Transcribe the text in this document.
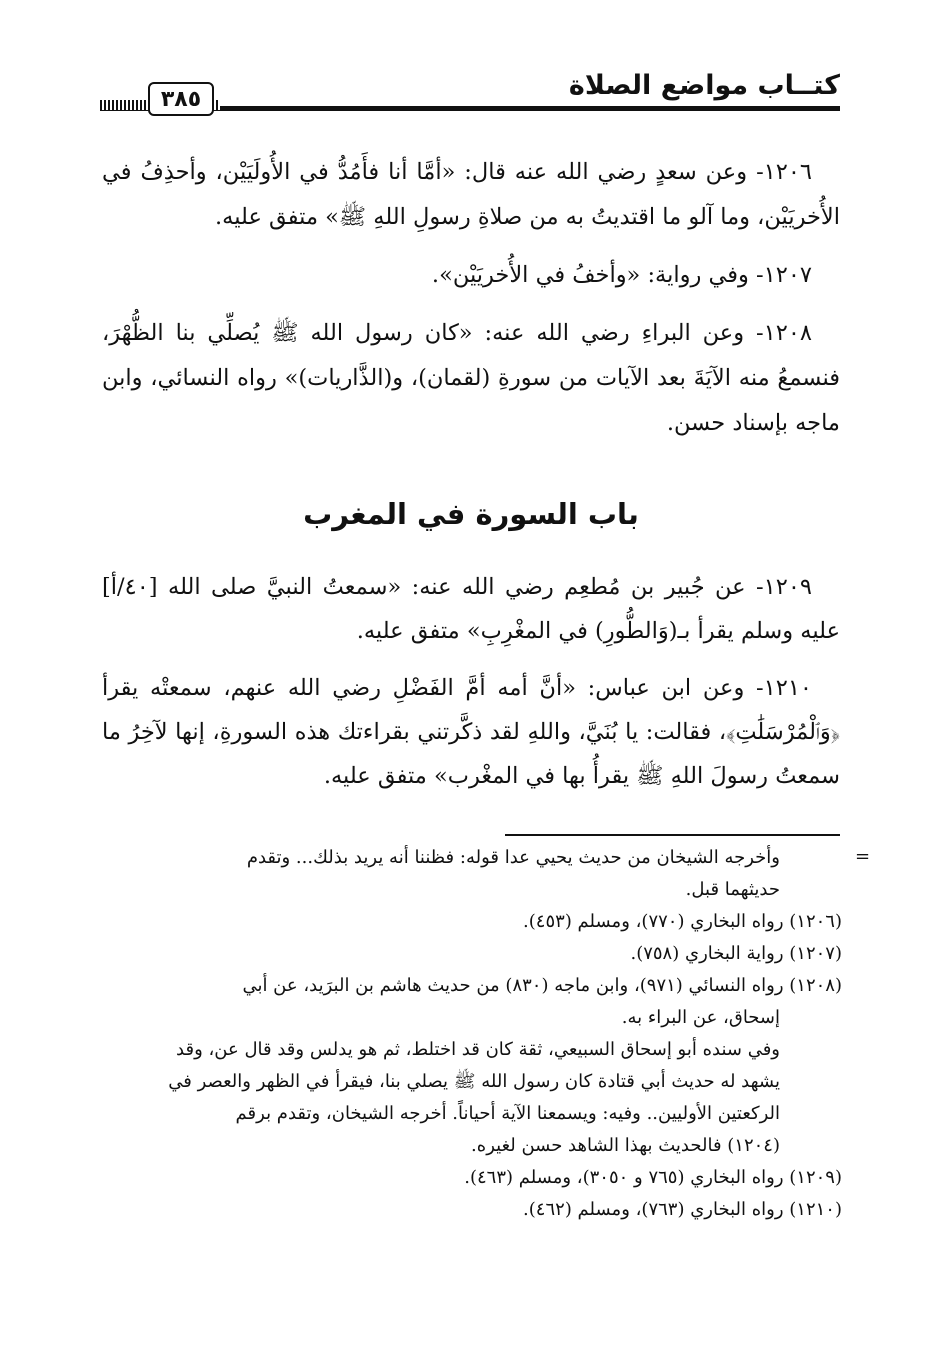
كتــاب مواضع الصلاة
٣٨٥

١٢٠٦- وعن سعدٍ رضي الله عنه قال: «أمَّا أنا فأَمُدُّ في الأُولَيَيْن، وأحذِفُ في الأُخريَيْن، وما آلو ما اقتديتُ به من صلاةِ رسولِ اللهِ ﷺ» متفق عليه.

١٢٠٧- وفي رواية: «وأخفُ في الأُخريَيْن».

١٢٠٨- وعن البراءِ رضي الله عنه: «كان رسول الله ﷺ يُصلِّي بنا الظُّهْرَ، فنسمعُ منه الآيَةَ بعد الآيات من سورةِ (لقمان)، و(الذَّاريات)» رواه النسائي، وابن ماجه بإسناد حسن.

باب السورة في المغرب

١٢٠٩- عن جُبير بن مُطعِم رضي الله عنه: «سمعتُ النبيَّ صلى الله [٤٠/أ] عليه وسلم يقرأ بـ(وَالطُّورِ) في المغْرِبِ» متفق عليه.

١٢١٠- وعن ابن عباس: «أنَّ أمه أمَّ الفَضْلِ رضي الله عنهم، سمعتْه يقرأ ﴿وَٱلْمُرْسَلَٰتِ﴾، فقالت: يا بُنَيَّ، واللهِ لقد ذكَّرتني بقراءتك هذه السورةِ، إنها لآخِرُ ما سمعتُ رسولَ اللهِ ﷺ يقرأُ بها في المغْرب» متفق عليه.

=

وأخرجه الشيخان من حديث يحيي عدا قوله: فظننا أنه يريد بذلك... وتقدم

حديثهما قبل.

(١٢٠٦) رواه البخاري (٧٧٠)، ومسلم (٤٥٣).

(١٢٠٧) رواية البخاري (٧٥٨).

(١٢٠٨) رواه النسائي (٩٧١)، وابن ماجه (٨٣٠) من حديث هاشم بن البرَيد، عن أبي

إسحاق، عن البراء به.

وفي سنده أبو إسحاق السبيعي، ثقة كان قد اختلط، ثم هو يدلس وقد قال عن، وقد

يشهد له حديث أبي قتادة كان رسول الله ﷺ يصلي بنا، فيقرأ في الظهر والعصر في

الركعتين الأوليين.. وفيه: ويسمعنا الآية أحياناً. أخرجه الشيخان، وتقدم برقم

(١٢٠٤) فالحديث بهذا الشاهد حسن لغيره.

(١٢٠٩) رواه البخاري (٧٦٥ و ٣٠٥٠)، ومسلم (٤٦٣).

(١٢١٠) رواه البخاري (٧٦٣)، ومسلم (٤٦٢).
